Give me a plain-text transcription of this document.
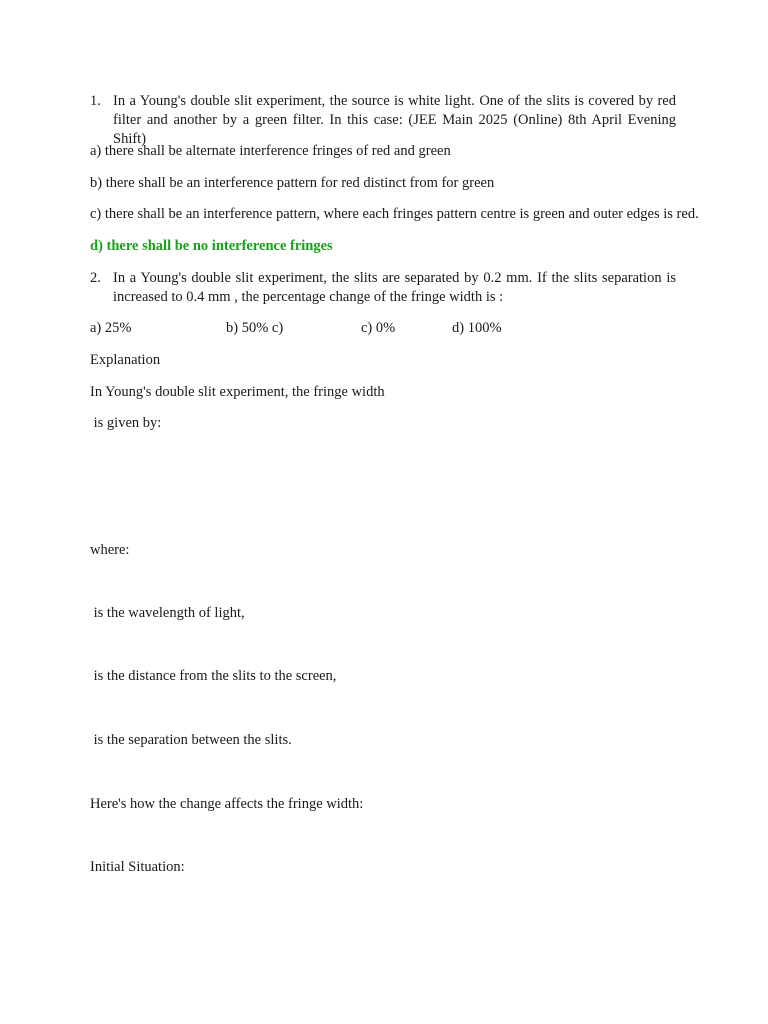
1. In a Young's double slit experiment, the source is white light. One of the slits is covered by red filter and another by a green filter. In this case: (JEE Main 2025 (Online) 8th April Evening Shift)
a) there shall be alternate interference fringes of red and green
b) there shall be an interference pattern for red distinct from for green
c) there shall be an interference pattern, where each fringes pattern centre is green and outer edges is red.
d) there shall be no interference fringes
2. In a Young's double slit experiment, the slits are separated by 0.2 mm. If the slits separation is increased to 0.4 mm , the percentage change of the fringe width is :
a) 25%	b) 50% c)	c) 0%	d) 100%
Explanation
In Young's double slit experiment, the fringe width
is given by:
where:
is the wavelength of light,
is the distance from the slits to the screen,
is the separation between the slits.
Here's how the change affects the fringe width:
Initial Situation:
